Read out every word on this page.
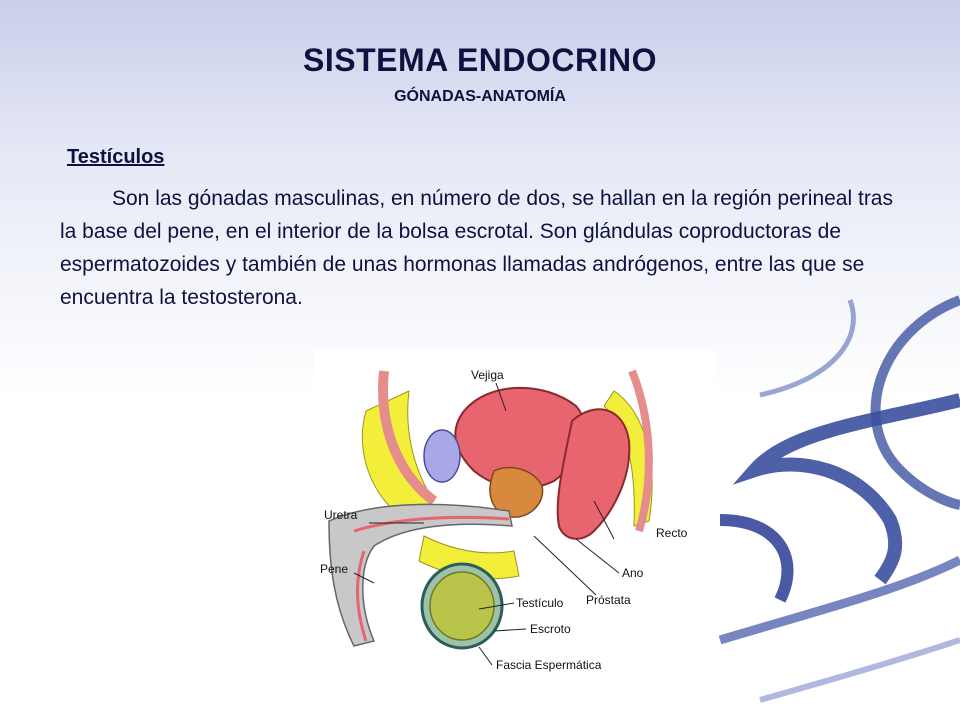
SISTEMA ENDOCRINO
GÓNADAS-ANATOMÍA
Testículos
Son las gónadas masculinas, en número de dos, se hallan en la región perineal tras la base del pene, en el interior de la bolsa escrotal. Son glándulas coproductoras de espermatozoides y también de unas hormonas llamadas andrógenos, entre las que se encuentra la testosterona.
Vejiga
Uretra
Recto
Pene	Ano
Testículo Próstata
Escroto
Fascia Espermática
